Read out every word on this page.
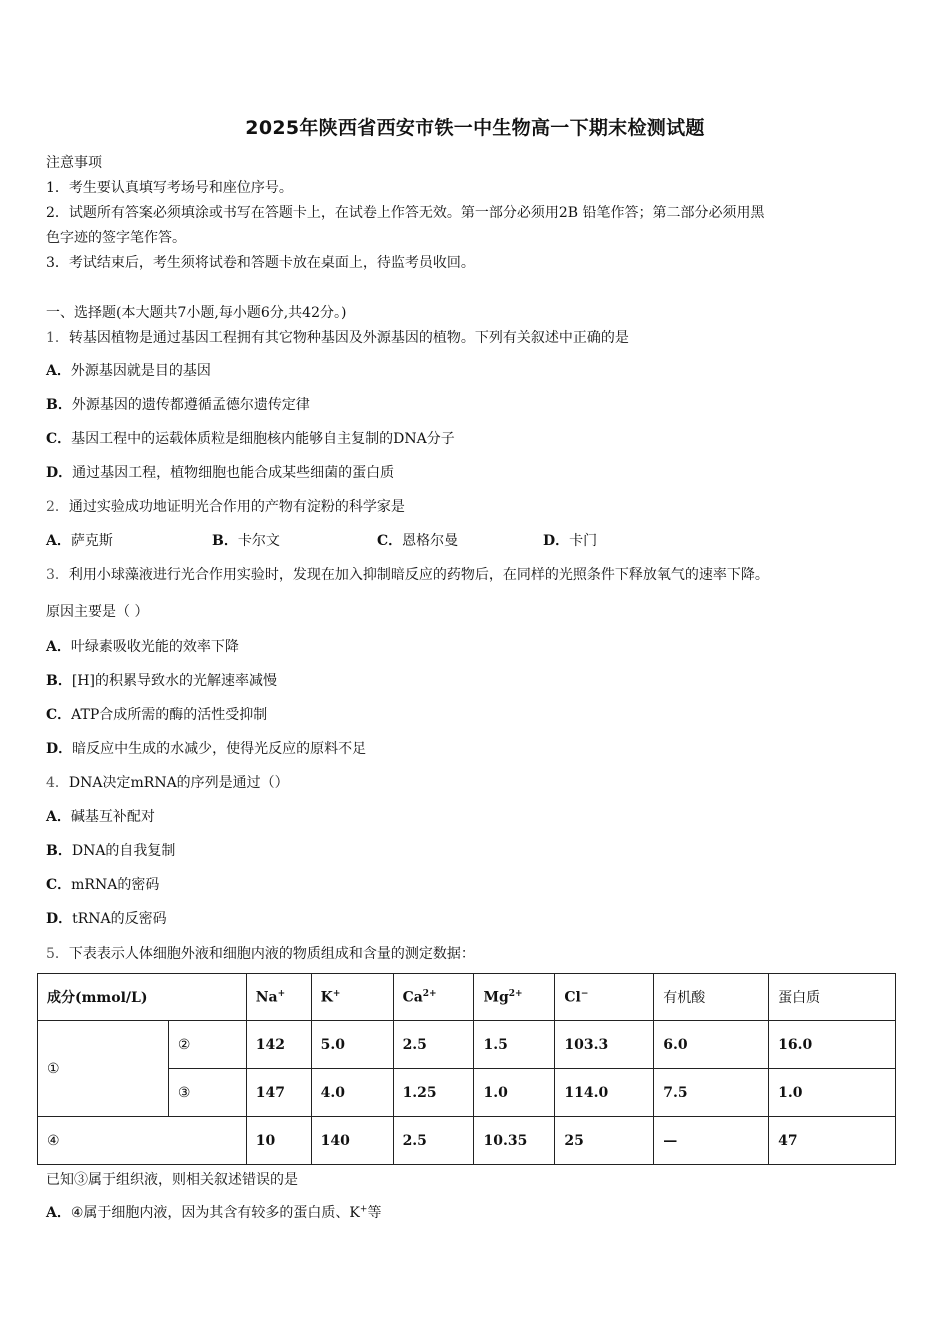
2025年陕西省西安市铁一中生物高一下期末检测试题
注意事项
1．考生要认真填写考场号和座位序号。
2．试题所有答案必须填涂或书写在答题卡上，在试卷上作答无效。第一部分必须用2B 铅笔作答；第二部分必须用黑
色字迹的签字笔作答。
3．考试结束后，考生须将试卷和答题卡放在桌面上，待监考员收回。
一、选择题(本大题共7小题,每小题6分,共42分。)
1．转基因植物是通过基因工程拥有其它物种基因及外源基因的植物。下列有关叙述中正确的是
A．外源基因就是目的基因
B．外源基因的遗传都遵循孟德尔遗传定律
C．基因工程中的运载体质粒是细胞核内能够自主复制的DNA分子
D．通过基因工程，植物细胞也能合成某些细菌的蛋白质
2．通过实验成功地证明光合作用的产物有淀粉的科学家是
A．萨克斯	B．卡尔文	C．恩格尔曼	D．卡门
3．利用小球藻液进行光合作用实验时，发现在加入抑制暗反应的药物后，在同样的光照条件下释放氧气的速率下降。
原因主要是（ ）
A．叶绿素吸收光能的效率下降
B．[H]的积累导致水的光解速率减慢
C．ATP合成所需的酶的活性受抑制
D．暗反应中生成的水减少，使得光反应的原料不足
4．DNA决定mRNA的序列是通过（）
A．碱基互补配对
B．DNA的自我复制
C．mRNA的密码
D．tRNA的反密码
5．下表表示人体细胞外液和细胞内液的物质组成和含量的测定数据：
成分(mmol/L)		Na+	K+	$Ca^{2+}$	$Mg^{2+}$	Cl−	有机酸	蛋白质
①	②	142	5.0	2.5	1.5	103.3	6.0	16.0
	③	147	4.0	1.25	1.0	114.0	7.5	1.0
④		10	140	2.5	10.35	25	—	47
已知③属于组织液，则相关叙述错误的是
A．④属于细胞内液，因为其含有较多的蛋白质、K+等
